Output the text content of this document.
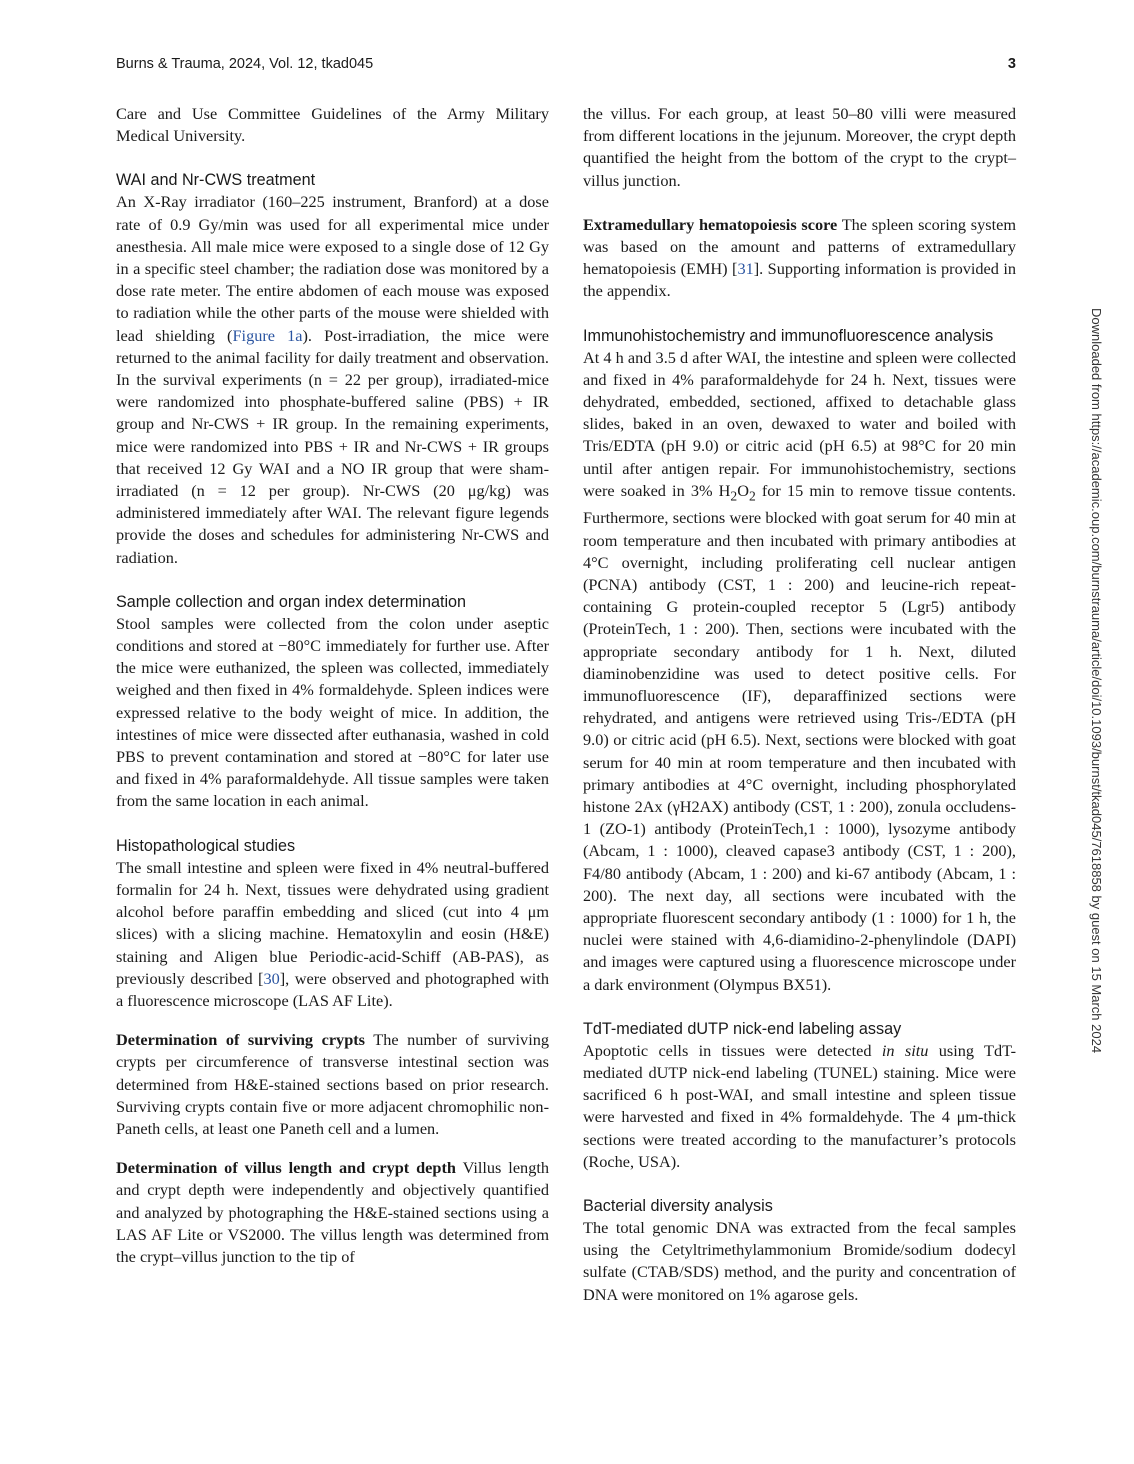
Burns & Trauma, 2024, Vol. 12, tkad045	3

Care and Use Committee Guidelines of the Army Military Medical University.

WAI and Nr-CWS treatment

An X-Ray irradiator (160–225 instrument, Branford) at a dose rate of 0.9 Gy/min was used for all experimental mice under anesthesia. All male mice were exposed to a single dose of 12 Gy in a specific steel chamber; the radiation dose was monitored by a dose rate meter. The entire abdomen of each mouse was exposed to radiation while the other parts of the mouse were shielded with lead shielding (Figure 1a). Post-irradiation, the mice were returned to the animal facility for daily treatment and observation. In the survival experiments (n = 22 per group), irradiated-mice were randomized into phosphate-buffered saline (PBS) + IR group and Nr-CWS + IR group. In the remaining experiments, mice were randomized into PBS + IR and Nr-CWS + IR groups that received 12 Gy WAI and a NO IR group that were sham-irradiated (n = 12 per group). Nr-CWS (20 μg/kg) was administered immediately after WAI. The relevant figure legends provide the doses and schedules for administering Nr-CWS and radiation.

Sample collection and organ index determination

Stool samples were collected from the colon under aseptic conditions and stored at −80°C immediately for further use. After the mice were euthanized, the spleen was collected, immediately weighed and then fixed in 4% formaldehyde. Spleen indices were expressed relative to the body weight of mice. In addition, the intestines of mice were dissected after euthanasia, washed in cold PBS to prevent contamination and stored at −80°C for later use and fixed in 4% paraformaldehyde. All tissue samples were taken from the same location in each animal.

Histopathological studies

The small intestine and spleen were fixed in 4% neutral-buffered formalin for 24 h. Next, tissues were dehydrated using gradient alcohol before paraffin embedding and sliced (cut into 4 μm slices) with a slicing machine. Hematoxylin and eosin (H&E) staining and Aligen blue Periodic-acid-Schiff (AB-PAS), as previously described [30], were observed and photographed with a fluorescence microscope (LAS AF Lite).

Determination of surviving crypts The number of surviving crypts per circumference of transverse intestinal section was determined from H&E-stained sections based on prior research. Surviving crypts contain five or more adjacent chromophilic non-Paneth cells, at least one Paneth cell and a lumen.

Determination of villus length and crypt depth Villus length and crypt depth were independently and objectively quantified and analyzed by photographing the H&E-stained sections using a LAS AF Lite or VS2000. The villus length was determined from the crypt–villus junction to the tip of

the villus. For each group, at least 50–80 villi were measured from different locations in the jejunum. Moreover, the crypt depth quantified the height from the bottom of the crypt to the crypt–villus junction.

Extramedullary hematopoiesis score The spleen scoring system was based on the amount and patterns of extramedullary hematopoiesis (EMH) [31]. Supporting information is provided in the appendix.

Immunohistochemistry and immunofluorescence analysis

At 4 h and 3.5 d after WAI, the intestine and spleen were collected and fixed in 4% paraformaldehyde for 24 h. Next, tissues were dehydrated, embedded, sectioned, affixed to detachable glass slides, baked in an oven, dewaxed to water and boiled with Tris/EDTA (pH 9.0) or citric acid (pH 6.5) at 98°C for 20 min until after antigen repair. For immunohistochemistry, sections were soaked in 3% $H_2O_2$ for 15 min to remove tissue contents. Furthermore, sections were blocked with goat serum for 40 min at room temperature and then incubated with primary antibodies at 4°C overnight, including proliferating cell nuclear antigen (PCNA) antibody (CST, 1 : 200) and leucine-rich repeat-containing G protein-coupled receptor 5 (Lgr5) antibody (ProteinTech, 1 : 200). Then, sections were incubated with the appropriate secondary antibody for 1 h. Next, diluted diaminobenzidine was used to detect positive cells. For immunofluorescence (IF), deparaffinized sections were rehydrated, and antigens were retrieved using Tris-/EDTA (pH 9.0) or citric acid (pH 6.5). Next, sections were blocked with goat serum for 40 min at room temperature and then incubated with primary antibodies at 4°C overnight, including phosphorylated histone 2Ax (γH2AX) antibody (CST, 1 : 200), zonula occludens-1 (ZO-1) antibody (ProteinTech,1 : 1000), lysozyme antibody (Abcam, 1 : 1000), cleaved capase3 antibody (CST, 1 : 200), F4/80 antibody (Abcam, 1 : 200) and ki-67 antibody (Abcam, 1 : 200). The next day, all sections were incubated with the appropriate fluorescent secondary antibody (1 : 1000) for 1 h, the nuclei were stained with 4,6-diamidino-2-phenylindole (DAPI) and images were captured using a fluorescence microscope under a dark environment (Olympus BX51).

TdT-mediated dUTP nick-end labeling assay

Apoptotic cells in tissues were detected in situ using TdT-mediated dUTP nick-end labeling (TUNEL) staining. Mice were sacrificed 6 h post-WAI, and small intestine and spleen tissue were harvested and fixed in 4% formaldehyde. The 4 μm-thick sections were treated according to the manufacturer’s protocols (Roche, USA).

Bacterial diversity analysis

The total genomic DNA was extracted from the fecal samples using the Cetyltrimethylammonium Bromide/sodium dodecyl sulfate (CTAB/SDS) method, and the purity and concentration of DNA were monitored on 1% agarose gels.

Downloaded from https://academic.oup.com/burnstrauma/article/doi/10.1093/burnst/tkad045/7618858 by guest on 15 March 2024
